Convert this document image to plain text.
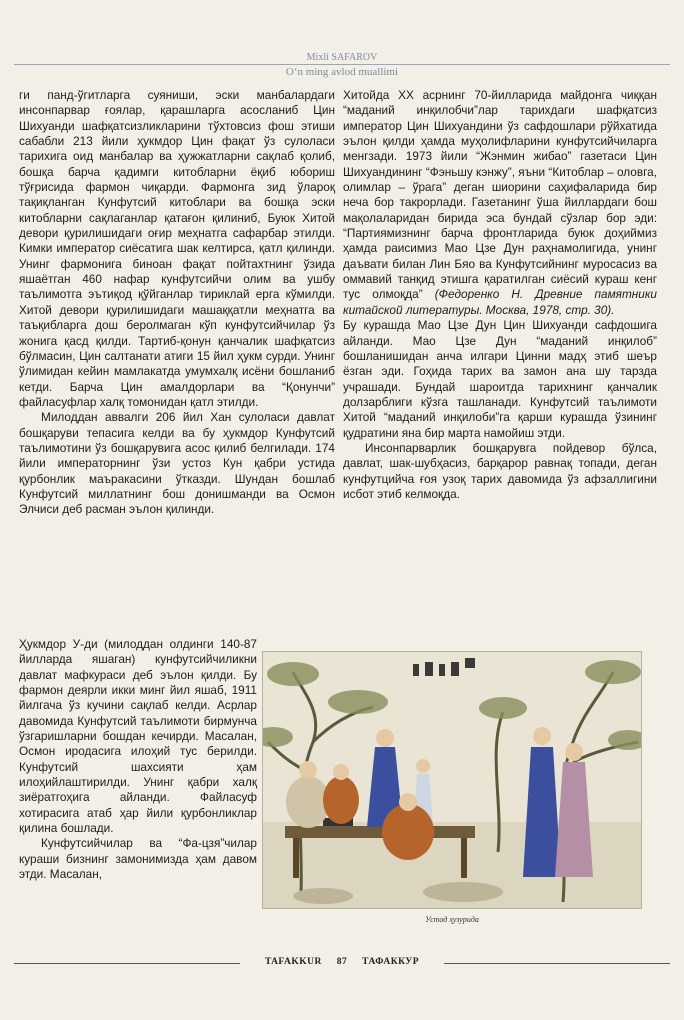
Mixli SAFAROV
O‘n ming avlod muallimi

ги панд-ўгитларга суяниши, эски манбалардаги инсонпарвар ғоялар, қарашларга асосланиб Цин Шихуанди шафқатсизликларини тўхтовсиз фош этиши сабабли 213 йили ҳукмдор Цин фақат ўз сулоласи тарихига оид манбалар ва ҳужжатларни сақлаб қолиб, бошқа барча қадимги китобларни ёқиб юбориш тўғрисида фармон чиқарди. Фармонга зид ўлароқ тақиқланган Кунфутсий китоблари ва бошқа эски китобларни сақлаганлар қатағон қилиниб, Буюк Хитой девори қурилишидаги оғир меҳнатга сафарбар этилди. Кимки император сиёсатига шак келтирса, қатл қилинди. Унинг фармонига биноан фақат пойтахтнинг ўзида яшаётган 460 нафар кунфутсийчи олим ва ушбу таълимотга эътиқод қўйганлар тириклай ерга кўмилди. Хитой девори қурилишидаги машаққатли меҳнатга ва таъқибларга дош беролмаган кўп кунфутсийчилар ўз жонига қасд қилди. Тартиб-қонун қанчалик шафқатсиз бўлмасин, Цин салтанати атиги 15 йил ҳукм сурди. Унинг ўлимидан кейин мамлакатда умумхалқ исёни бошланиб кетди. Барча Цин амалдорлари ва “Қонунчи” файласуфлар халқ томонидан қатл этилди.

Милоддан аввалги 206 йил Хан сулоласи давлат бошқаруви тепасига келди ва бу ҳукмдор Кунфутсий таълимотини ўз бошқарувига асос қилиб белгилади. 174 йили императорнинг ўзи устоз Кун қабри устида қурбонлик маъракасини ўтказди. Шундан бошлаб Кунфутсий миллатнинг бош донишманди ва Осмон Элчиси деб расман эълон қилинди.

Ҳукмдор У-ди (милоддан олдинги 140-87 йилларда яшаган) кунфутсийчиликни давлат мафкураси деб эълон қилди. Бу фармон деярли икки минг йил яшаб, 1911 йилгача ўз кучини сақлаб келди. Асрлар давомида Кунфутсий таълимоти бирмунча ўзгаришларни бошдан кечирди. Масалан, Осмон иродасига илоҳий тус берилди. Кунфутсий шахсияти ҳам илоҳийлаштирилди. Унинг қабри халқ зиёратгоҳига айланди. Файласуф хотирасига атаб ҳар йили қурбонликлар қилина бошлади.

Кунфутсийчилар ва “Фа-цзя”чилар кураши бизнинг замонимизда ҳам давом этди. Масалан,

Хитойда XX асрнинг 70-йилларида майдонга чиққан “маданий инқилобчи”лар тарихдаги шафқатсиз император Цин Шихуандини ўз сафдошлари рўйхатида эълон қилди ҳамда муҳолифларини кунфутсийчиларга менгзади. 1973 йили “Жэнмин жибао” газетаси Цин Шихуандининг “Фэньшу кэнжу”, яъни “Китоблар – оловга, олимлар – ўрага” деган шиорини саҳифаларида бир неча бор такрорлади. Газетанинг ўша йиллардаги бош мақолаларидан бирида эса бундай сўзлар бор эди: “Партиямизнинг барча фронтларида буюк доҳиймиз ҳамда раисимиз Мао Цзе Дун раҳнамолигида, унинг даъвати билан Лин Бяо ва Кунфутсийнинг муросасиз ва оммавий танқид этишга қаратилган сиёсий кураш кенг тус олмоқда” (Федоренко Н. Древние памятники китайской литературы. Москва, 1978, стр. 30).

Бу курашда Мао Цзе Дун Цин Шихуанди сафдошига айланди. Мао Цзе Дун “маданий инқилоб” бошланишидан анча илгари Цинни мадҳ этиб шеър ёзган эди. Гоҳида тарих ва замон ана шу тарзда учрашади. Бундай шароитда тарихнинг қанчалик долзарблиги кўзга ташланади. Кунфутсий таълимоти Хитой “маданий инқилоби”га қарши курашда ўзининг қудратини яна бир марта намойиш этди.

Инсонпарварлик бошқарувга пойдевор бўлса, давлат, шак-шубҳасиз, барқарор равнақ топади, деган кунфутцийча ғоя узоқ тарих давомида ўз афзаллигини исбот этиб келмоқда.

Устод ҳузурида
TAFAKKUR 87 ТАФАККУР
